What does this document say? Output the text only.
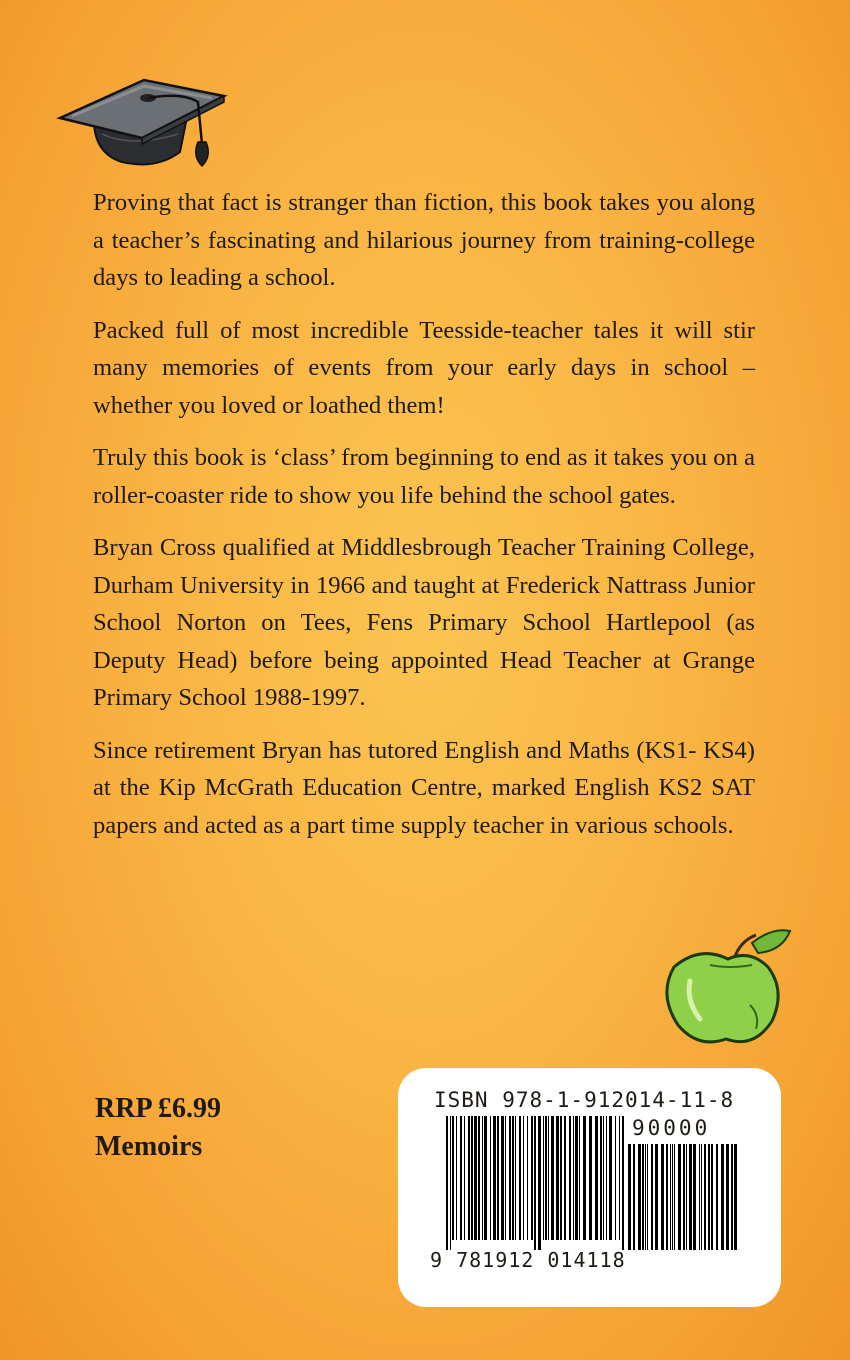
Proving that fact is stranger than fiction, this book takes you along a teacher’s fascinating and hilarious journey from training-college days to leading a school.

Packed full of most incredible Teesside-teacher tales it will stir many memories of events from your early days in school – whether you loved or loathed them!

Truly this book is ‘class’ from beginning to end as it takes you on a roller-coaster ride to show you life behind the school gates.

Bryan Cross qualified at Middlesbrough Teacher Training College, Durham University in 1966 and taught at Frederick Nattrass Junior School Norton on Tees, Fens Primary School Hartlepool (as Deputy Head) before being appointed Head Teacher at Grange Primary School 1988-1997.

Since retirement Bryan has tutored English and Maths (KS1- KS4) at the Kip McGrath Education Centre, marked English KS2 SAT papers and acted as a part time supply teacher in various schools.

RRP £6.99
Memoirs
ISBN 978-1-912014-11-8
90000
9 781912 014118
